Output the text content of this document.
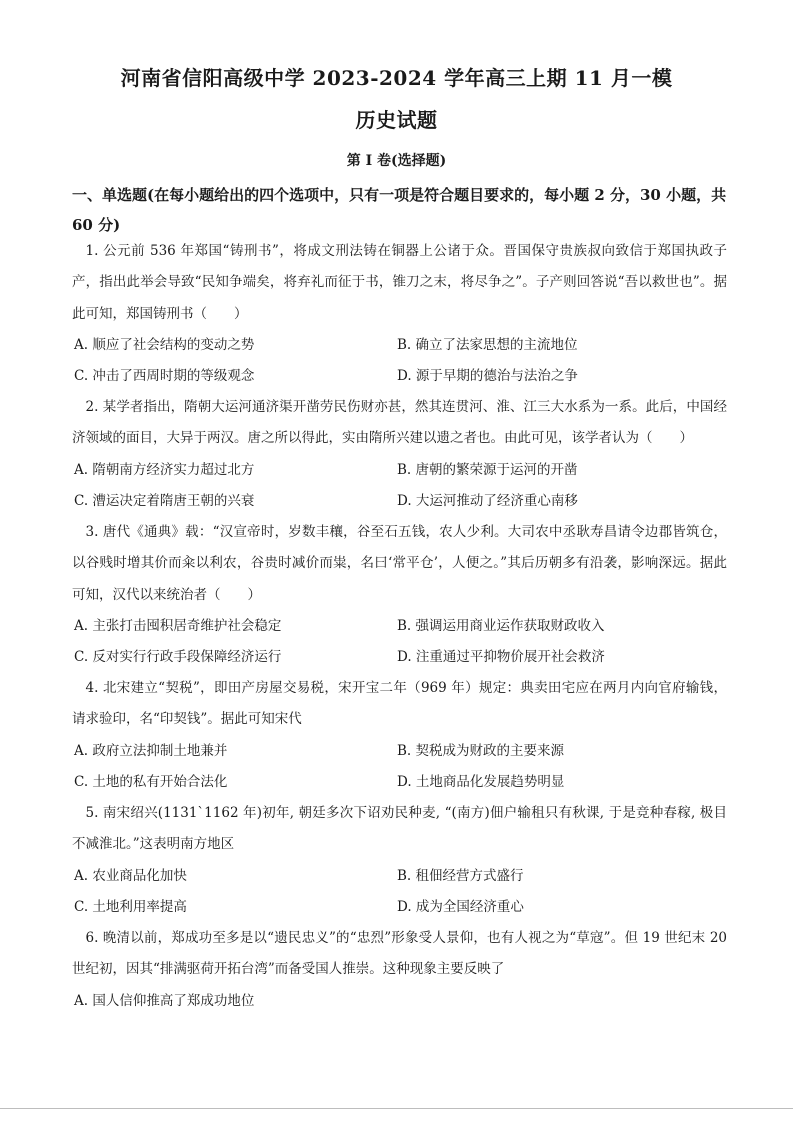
河南省信阳高级中学 2023-2024 学年高三上期 11 月一模
历史试题
第 I 卷(选择题)
一、单选题(在每小题给出的四个选项中，只有一项是符合题目要求的，每小题 2 分，30 小题，共 60 分)
1. 公元前 536 年郑国“铸刑书”，将成文刑法铸在铜器上公诸于众。晋国保守贵族叔向致信于郑国执政子产，指出此举会导致“民知争端矣，将弃礼而征于书，锥刀之末，将尽争之”。子产则回答说“吾以救世也”。据此可知，郑国铸刑书（　　）
A. 顺应了社会结构的变动之势	B. 确立了法家思想的主流地位
C. 冲击了西周时期的等级观念	D. 源于早期的德治与法治之争
2. 某学者指出，隋朝大运河通济渠开凿劳民伤财亦甚，然其连贯河、淮、江三大水系为一系。此后，中国经济领域的面目，大异于两汉。唐之所以得此，实由隋所兴建以遗之者也。由此可见，该学者认为（　　）
A. 隋朝南方经济实力超过北方	B. 唐朝的繁荣源于运河的开凿
C. 漕运决定着隋唐王朝的兴衰	D. 大运河推动了经济重心南移
3. 唐代《通典》载：“汉宣帝时，岁数丰穰，谷至石五钱，农人少利。大司农中丞耿寿昌请令边郡皆筑仓，以谷贱时增其价而籴以利农，谷贵时减价而粜，名曰‘常平仓’，人便之。”其后历朝多有沿袭，影响深远。据此可知，汉代以来统治者（　　）
A. 主张打击囤积居奇维护社会稳定	B. 强调运用商业运作获取财政收入
C. 反对实行行政手段保障经济运行	D. 注重通过平抑物价展开社会救济
4. 北宋建立“契税”，即田产房屋交易税，宋开宝二年（969 年）规定：典卖田宅应在两月内向官府输钱，请求验印，名“印契钱”。据此可知宋代
A. 政府立法抑制土地兼并	B. 契税成为财政的主要来源
C. 土地的私有开始合法化	D. 土地商品化发展趋势明显
5. 南宋绍兴(1131`1162 年)初年, 朝廷多次下诏劝民种麦, “(南方)佃户输租只有秋课, 于是竞种春稼, 极目不减淮北。”这表明南方地区
A. 农业商品化加快	B. 租佃经营方式盛行
C. 土地利用率提高	D. 成为全国经济重心
6. 晚清以前，郑成功至多是以“遗民忠义”的“忠烈”形象受人景仰，也有人视之为“草寇”。但 19 世纪末 20 世纪初，因其“排满驱荷开拓台湾”而备受国人推崇。这种现象主要反映了
A. 国人信仰推高了郑成功地位
